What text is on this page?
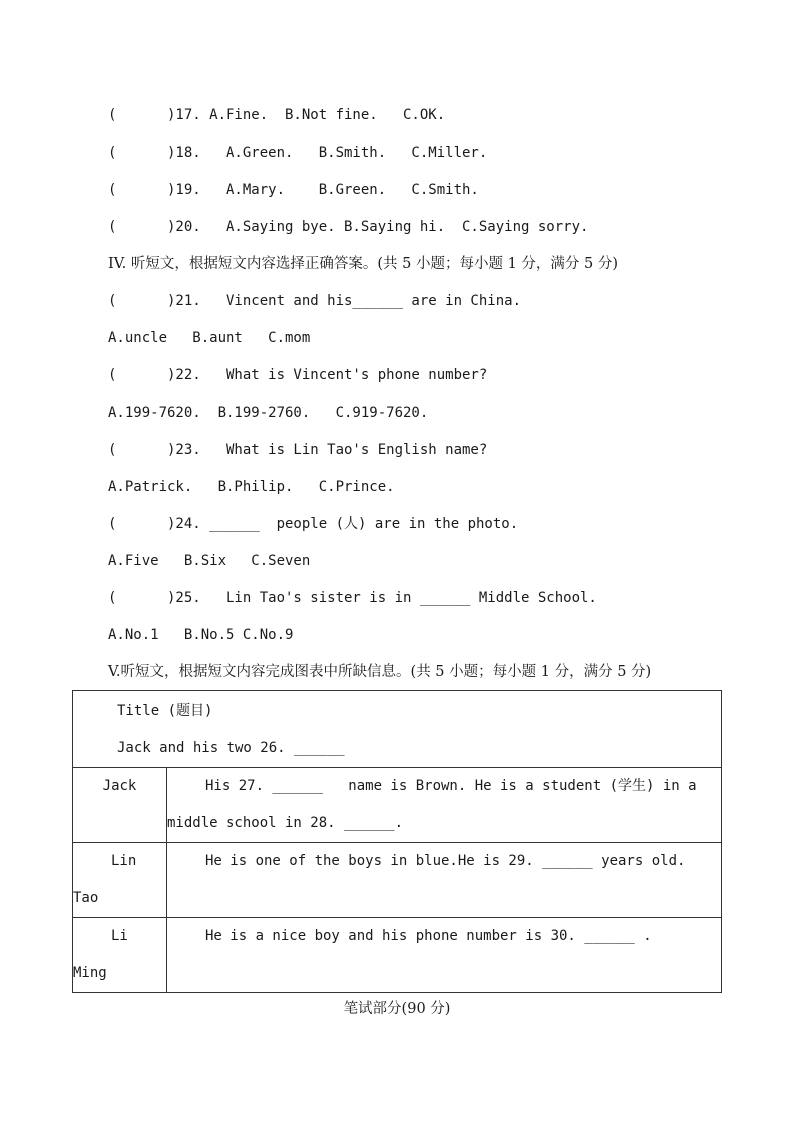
(      )17. A.Fine.  B.Not fine.   C.OK.
(      )18.   A.Green.   B.Smith.   C.Miller.
(      )19.   A.Mary.    B.Green.   C.Smith.
(      )20.   A.Saying bye. B.Saying hi.  C.Saying sorry.
IV. 听短文，根据短文内容选择正确答案。(共 5 小题；每小题 1 分，满分 5 分)
(      )21.   Vincent and his______ are in China.
A.uncle   B.aunt   C.mom
(      )22.   What is Vincent's phone number?
A.199-7620.  B.199-2760.   C.919-7620.
(      )23.   What is Lin Tao's English name?
A.Patrick.   B.Philip.   C.Prince.
(      )24. ______  people (人) are in the photo.
A.Five   B.Six   C.Seven
(      )25.   Lin Tao's sister is in ______ Middle School.
A.No.1   B.No.5 C.No.9
V.听短文，根据短文内容完成图表中所缺信息。(共 5 小题；每小题 1 分，满分 5 分)
Title (题目)
Jack and his two 26. ______	

Jack	His 27. ______   name is Brown. He is a student (学生) in a
middle school in 28. ______.

Lin
Tao	He is one of the boys in blue.He is 29. ______ years old.

Li
Ming	He is a nice boy and his phone number is 30. ______ .
笔试部分(90 分)
